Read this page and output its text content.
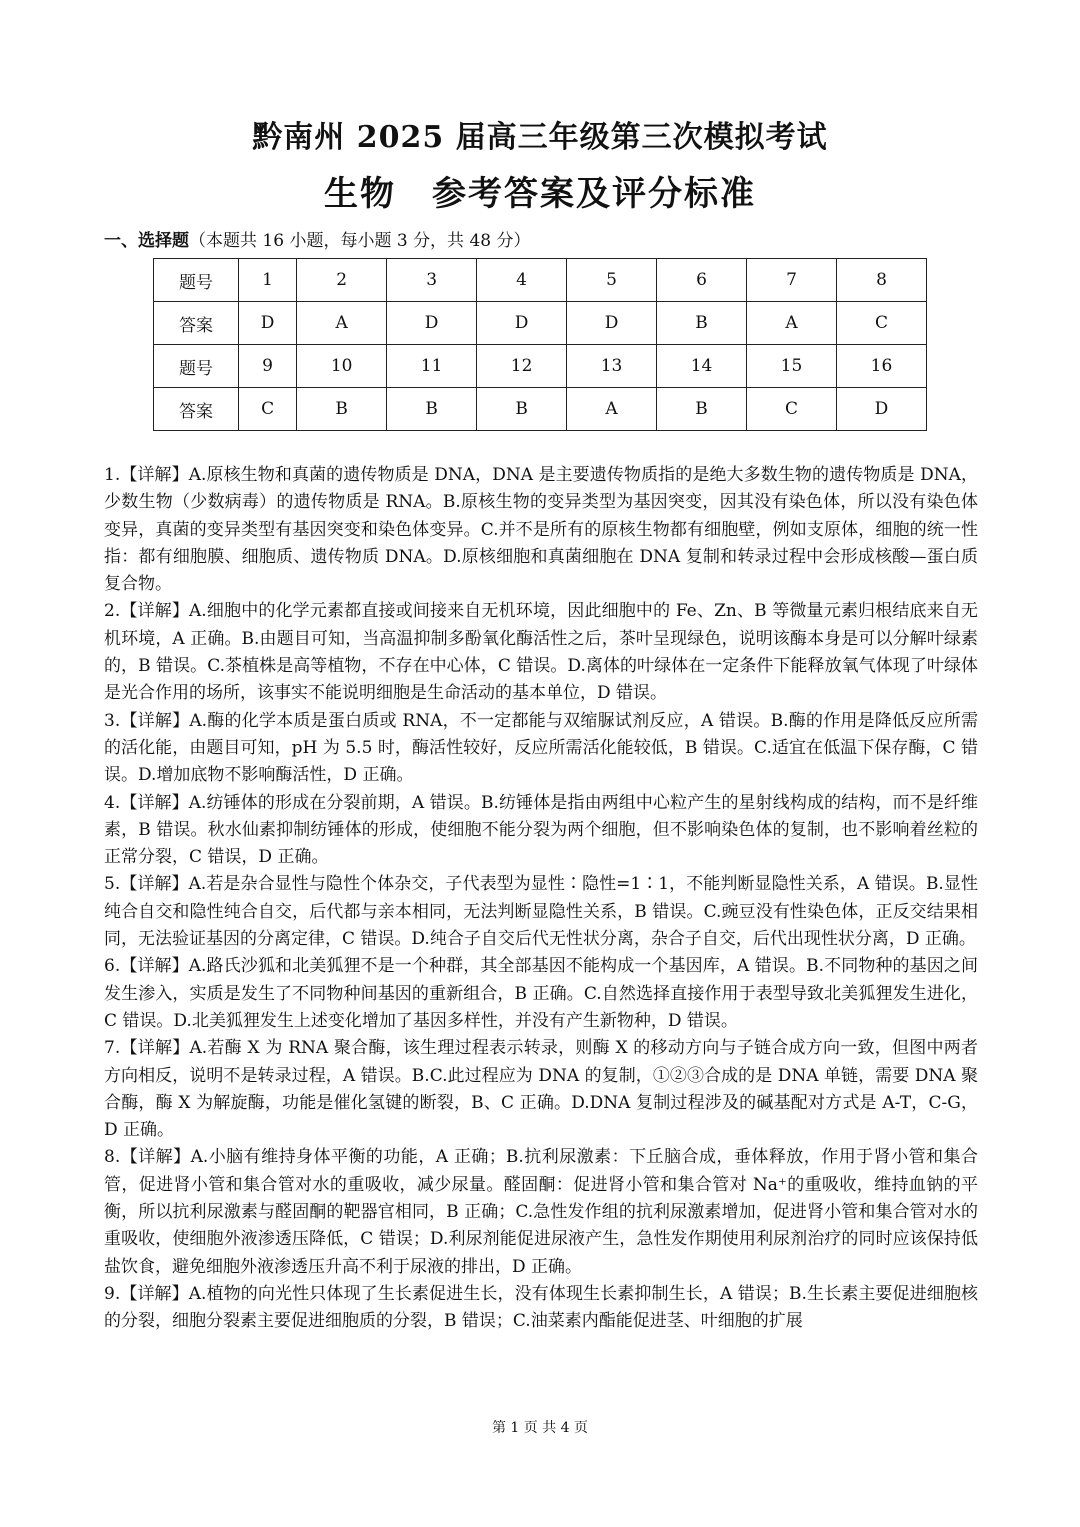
黔南州 2025 届高三年级第三次模拟考试
生物 参考答案及评分标准
一、选择题（本题共 16 小题，每小题 3 分，共 48 分）
题号	1	2	3	4	5	6	7	8
答案	D	A	D	D	D	B	A	C
题号	9	10	11	12	13	14	15	16
答案	C	B	B	B	A	B	C	D

1.【详解】A.原核生物和真菌的遗传物质是 DNA，DNA 是主要遗传物质指的是绝大多数生物的遗传物质是 DNA，少数生物（少数病毒）的遗传物质是 RNA。B.原核生物的变异类型为基因突变，因其没有染色体，所以没有染色体变异，真菌的变异类型有基因突变和染色体变异。C.并不是所有的原核生物都有细胞壁，例如支原体，细胞的统一性指：都有细胞膜、细胞质、遗传物质 DNA。D.原核细胞和真菌细胞在 DNA 复制和转录过程中会形成核酸—蛋白质复合物。

2.【详解】A.细胞中的化学元素都直接或间接来自无机环境，因此细胞中的 Fe、Zn、B 等微量元素归根结底来自无机环境，A 正确。B.由题目可知，当高温抑制多酚氧化酶活性之后，茶叶呈现绿色，说明该酶本身是可以分解叶绿素的，B 错误。C.茶植株是高等植物，不存在中心体，C 错误。D.离体的叶绿体在一定条件下能释放氧气体现了叶绿体是光合作用的场所，该事实不能说明细胞是生命活动的基本单位，D 错误。

3.【详解】A.酶的化学本质是蛋白质或 RNA，不一定都能与双缩脲试剂反应，A 错误。B.酶的作用是降低反应所需的活化能，由题目可知，pH 为 5.5 时，酶活性较好，反应所需活化能较低，B 错误。C.适宜在低温下保存酶，C 错误。D.增加底物不影响酶活性，D 正确。

4.【详解】A.纺锤体的形成在分裂前期，A 错误。B.纺锤体是指由两组中心粒产生的星射线构成的结构，而不是纤维素，B 错误。秋水仙素抑制纺锤体的形成，使细胞不能分裂为两个细胞，但不影响染色体的复制，也不影响着丝粒的正常分裂，C 错误，D 正确。

5.【详解】A.若是杂合显性与隐性个体杂交，子代表型为显性∶隐性=1∶1，不能判断显隐性关系，A 错误。B.显性纯合自交和隐性纯合自交，后代都与亲本相同，无法判断显隐性关系，B 错误。C.豌豆没有性染色体，正反交结果相同，无法验证基因的分离定律，C 错误。D.纯合子自交后代无性状分离，杂合子自交，后代出现性状分离，D 正确。

6.【详解】A.路氏沙狐和北美狐狸不是一个种群，其全部基因不能构成一个基因库，A 错误。B.不同物种的基因之间发生渗入，实质是发生了不同物种间基因的重新组合，B 正确。C.自然选择直接作用于表型导致北美狐狸发生进化，C 错误。D.北美狐狸发生上述变化增加了基因多样性，并没有产生新物种，D 错误。

7.【详解】A.若酶 X 为 RNA 聚合酶，该生理过程表示转录，则酶 X 的移动方向与子链合成方向一致，但图中两者方向相反，说明不是转录过程，A 错误。B.C.此过程应为 DNA 的复制，①②③合成的是 DNA 单链，需要 DNA 聚合酶，酶 X 为解旋酶，功能是催化氢键的断裂，B、C 正确。D.DNA 复制过程涉及的碱基配对方式是 A-T，C-G，D 正确。

8.【详解】A.小脑有维持身体平衡的功能，A 正确；B.抗利尿激素：下丘脑合成，垂体释放，作用于肾小管和集合管，促进肾小管和集合管对水的重吸收，减少尿量。醛固酮：促进肾小管和集合管对 Na⁺的重吸收，维持血钠的平衡，所以抗利尿激素与醛固酮的靶器官相同，B 正确；C.急性发作组的抗利尿激素增加，促进肾小管和集合管对水的重吸收，使细胞外液渗透压降低，C 错误；D.利尿剂能促进尿液产生，急性发作期使用利尿剂治疗的同时应该保持低盐饮食，避免细胞外液渗透压升高不利于尿液的排出，D 正确。

9.【详解】A.植物的向光性只体现了生长素促进生长，没有体现生长素抑制生长，A 错误；B.生长素主要促进细胞核的分裂，细胞分裂素主要促进细胞质的分裂，B 错误；C.油菜素内酯能促进茎、叶细胞的扩展

第 1 页 共 4 页
